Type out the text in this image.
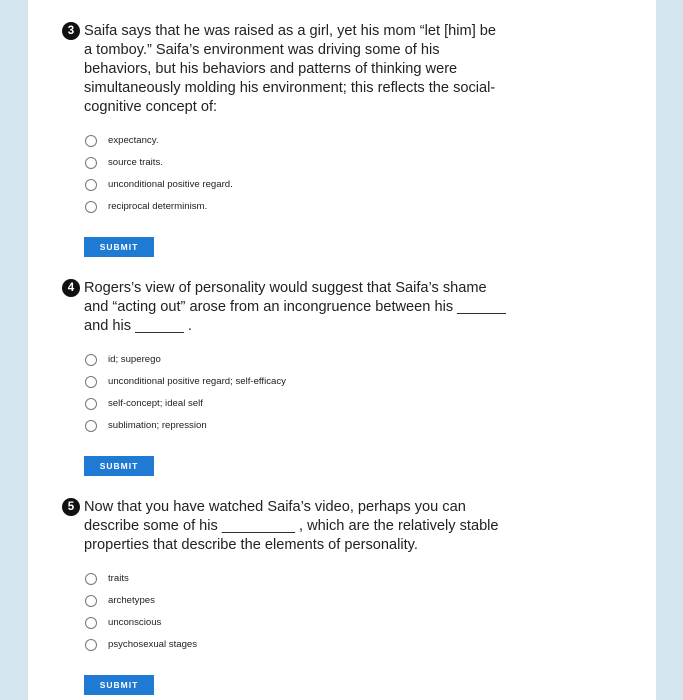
3 Saifa says that he was raised as a girl, yet his mom “let [him] be a tomboy.” Saifa’s environment was driving some of his behaviors, but his behaviors and patterns of thinking were simultaneously molding his environment; this reflects the social-cognitive concept of:
expectancy.
source traits.
unconditional positive regard.
reciprocal determinism.
SUBMIT
4 Rogers’s view of personality would suggest that Saifa’s shame and “acting out” arose from an incongruence between his ______ and his ______ .
id; superego
unconditional positive regard; self-efficacy
self-concept; ideal self
sublimation; repression
SUBMIT
5 Now that you have watched Saifa’s video, perhaps you can describe some of his _________ , which are the relatively stable properties that describe the elements of personality.
traits
archetypes
unconscious
psychosexual stages
SUBMIT
